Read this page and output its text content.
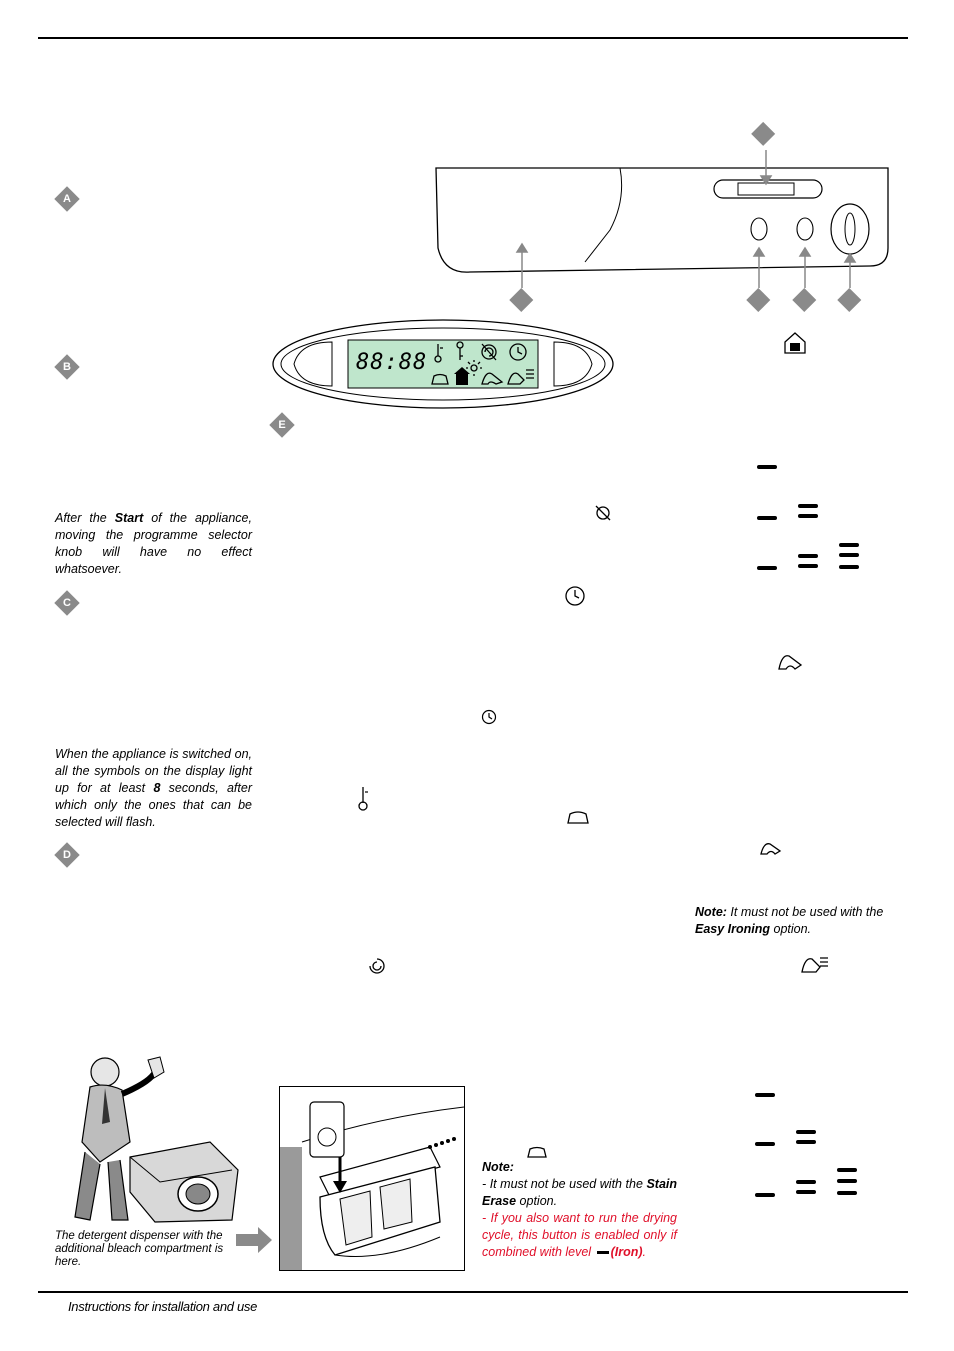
88:88
A
B
C
D
E
After the Start of the appliance, moving the programme selector knob will have no effect whatsoever.
When the appliance is switched on, all the symbols on the display light up for at least 8 seconds, after which only the ones that can be selected will flash.
Note: It must not be used with the Easy Ironing option.
Note:
- It must not be used with the Stain Erase option.
- If you also want to run the drying cycle, this button is enabled only if combined with level (Iron).
The detergent dispenser with the additional bleach compartment is here.
Instructions for installation and use
